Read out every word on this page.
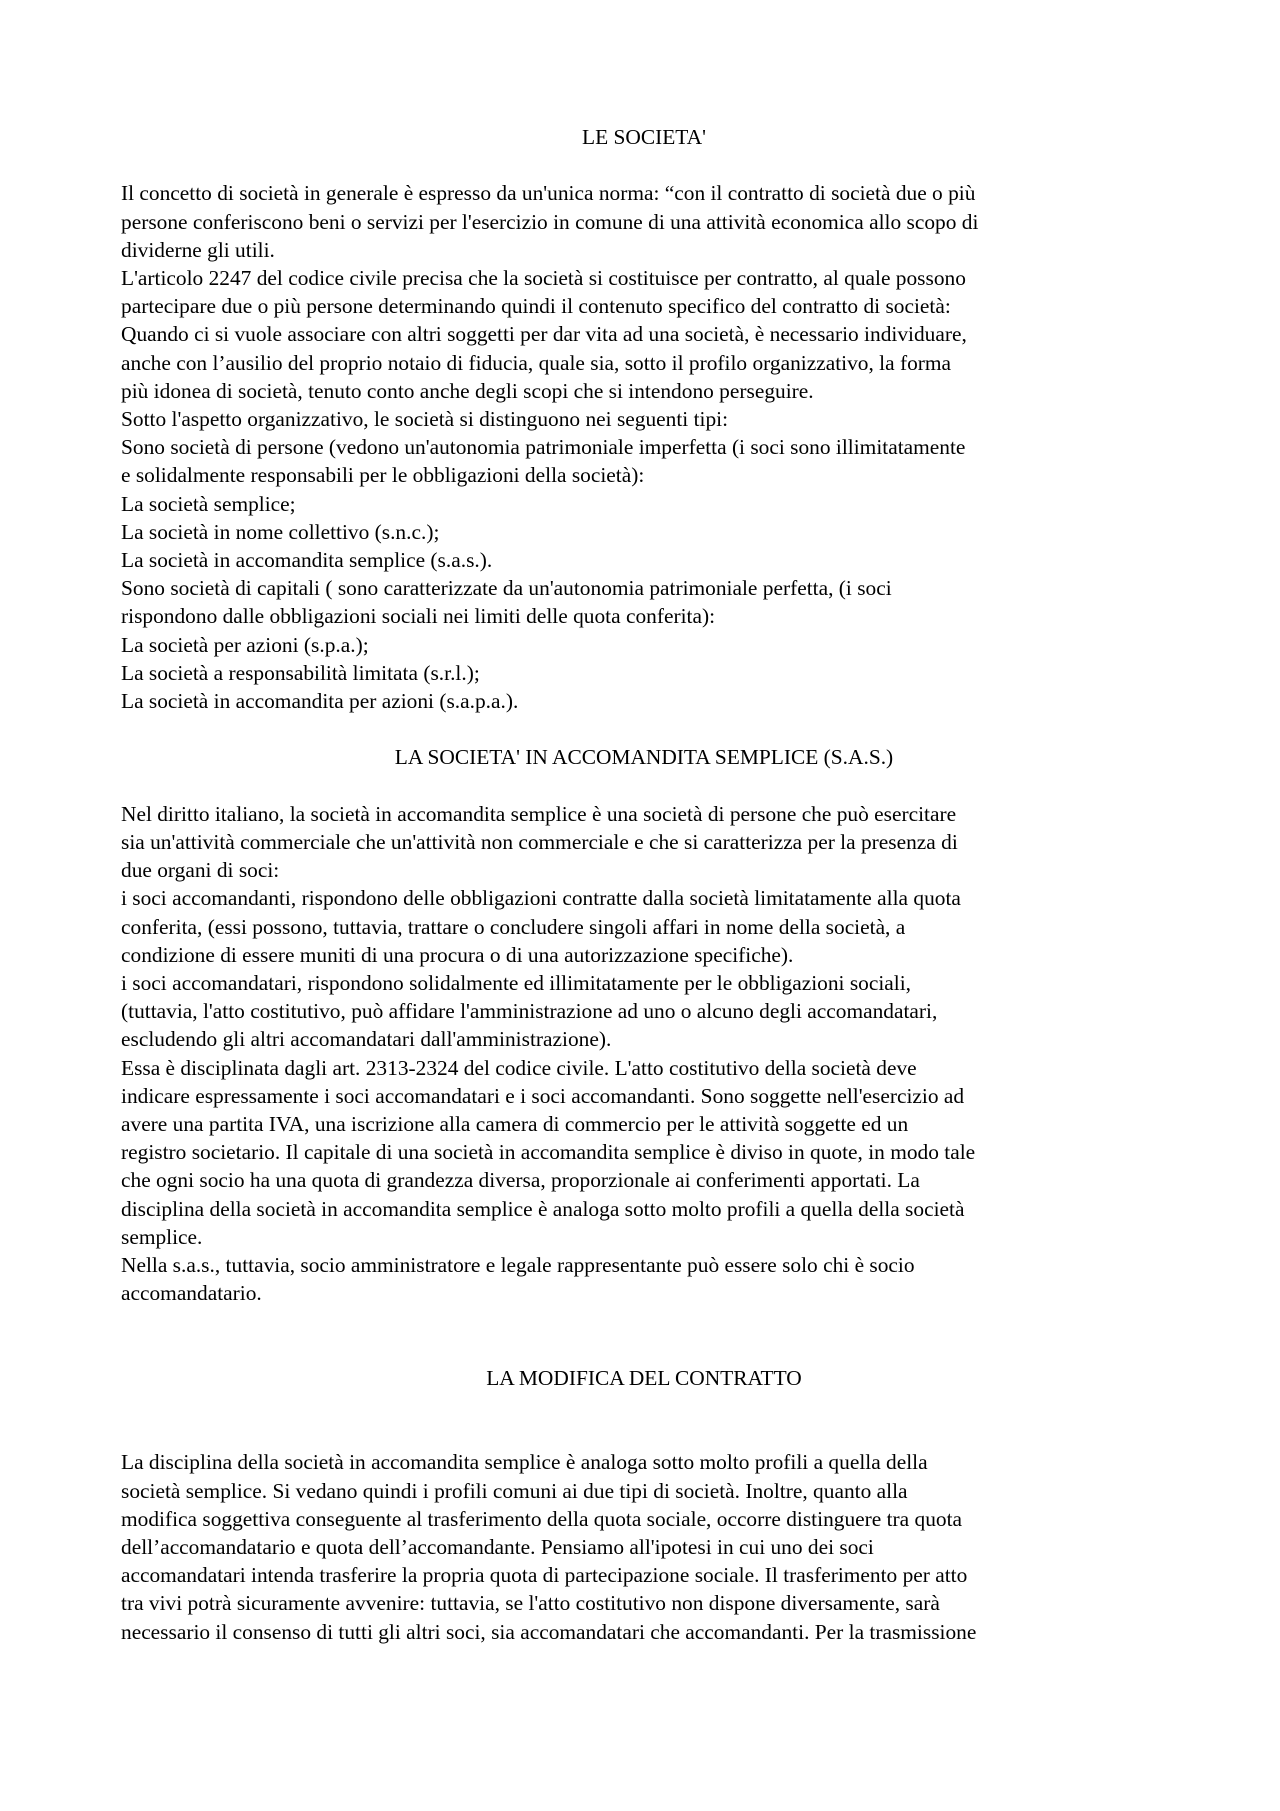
LE SOCIETA'

Il concetto di società in generale è espresso da un'unica norma: “con il contratto di società due o più

persone conferiscono beni o servizi per l'esercizio in comune di una attività economica allo scopo di

dividerne gli utili.

L'articolo 2247 del codice civile precisa che la società si costituisce per contratto, al quale possono

partecipare due o più persone determinando quindi il contenuto specifico del contratto di società:

Quando ci si vuole associare con altri soggetti per dar vita ad una società, è necessario individuare,

anche con l’ausilio del proprio notaio di fiducia, quale sia, sotto il profilo organizzativo, la forma

più idonea di società, tenuto conto anche degli scopi che si intendono perseguire.

Sotto l'aspetto organizzativo, le società si distinguono nei seguenti tipi:

Sono società di persone (vedono un'autonomia patrimoniale imperfetta (i soci sono illimitatamente

e solidalmente responsabili per le obbligazioni della società):

La società semplice;

La società in nome collettivo (s.n.c.);

La società in accomandita semplice (s.a.s.).

Sono società di capitali ( sono caratterizzate da un'autonomia patrimoniale perfetta, (i soci

rispondono dalle obbligazioni sociali nei limiti delle quota conferita):

La società per azioni (s.p.a.);

La società a responsabilità limitata (s.r.l.);

La società in accomandita per azioni (s.a.p.a.).

LA SOCIETA' IN ACCOMANDITA SEMPLICE (S.A.S.)

Nel diritto italiano, la società in accomandita semplice è una società di persone che può esercitare

sia un'attività commerciale che un'attività non commerciale e che si caratterizza per la presenza di

due organi di soci:

i soci accomandanti, rispondono delle obbligazioni contratte dalla società limitatamente alla quota

conferita, (essi possono, tuttavia, trattare o concludere singoli affari in nome della società, a

condizione di essere muniti di una procura o di una autorizzazione specifiche).

i soci accomandatari, rispondono solidalmente ed illimitatamente per le obbligazioni sociali,

(tuttavia, l'atto costitutivo, può affidare l'amministrazione ad uno o alcuno degli accomandatari,

escludendo gli altri accomandatari dall'amministrazione).

Essa è disciplinata dagli art. 2313-2324 del codice civile. L'atto costitutivo della società deve

indicare espressamente i soci accomandatari e i soci accomandanti. Sono soggette nell'esercizio ad

avere una partita IVA, una iscrizione alla camera di commercio per le attività soggette ed un

registro societario. Il capitale di una società in accomandita semplice è diviso in quote, in modo tale

che ogni socio ha una quota di grandezza diversa, proporzionale ai conferimenti apportati. La

disciplina della società in accomandita semplice è analoga sotto molto profili a quella della società

semplice.

Nella s.a.s., tuttavia, socio amministratore e legale rappresentante può essere solo chi è socio

accomandatario.

LA MODIFICA DEL CONTRATTO

La disciplina della società in accomandita semplice è analoga sotto molto profili a quella della

società semplice. Si vedano quindi i profili comuni ai due tipi di società. Inoltre, quanto alla

modifica soggettiva conseguente al trasferimento della quota sociale, occorre distinguere tra quota

dell’accomandatario e quota dell’accomandante. Pensiamo all'ipotesi in cui uno dei soci

accomandatari intenda trasferire la propria quota di partecipazione sociale. Il trasferimento per atto

tra vivi potrà sicuramente avvenire: tuttavia, se l'atto costitutivo non dispone diversamente, sarà

necessario il consenso di tutti gli altri soci, sia accomandatari che accomandanti. Per la trasmissione
